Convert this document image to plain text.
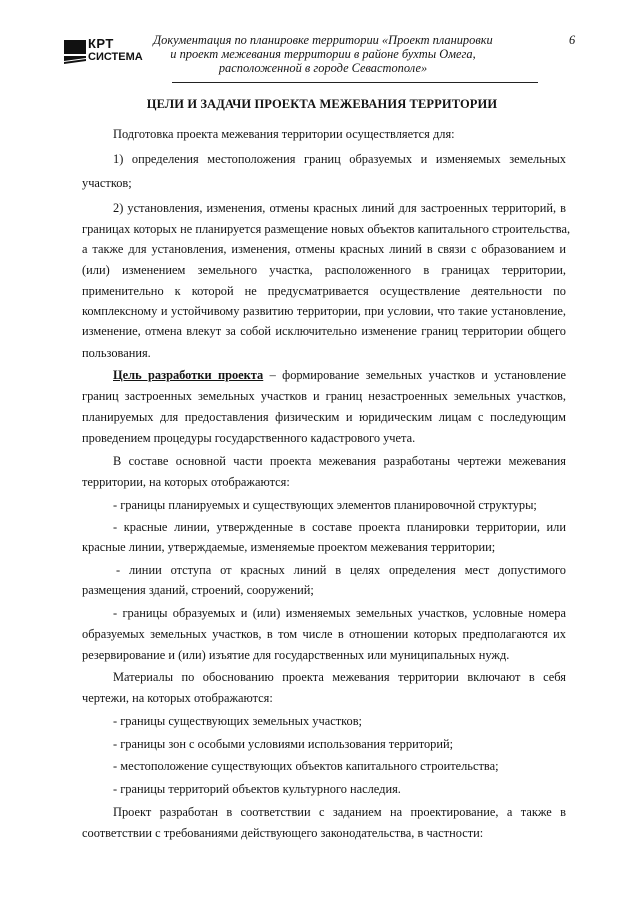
КРТ
СИСТЕМА
Документация по планировке территории «Проект планировки
и проект межевания территории в районе бухты Омега,
расположенной в городе Севастополе»
6
ЦЕЛИ И ЗАДАЧИ ПРОЕКТА МЕЖЕВАНИЯ ТЕРРИТОРИИ
Подготовка проекта межевания территории осуществляется для:
1) определения местоположения границ образуемых и изменяемых земельных
участков;
2) установления, изменения, отмены красных линий для застроенных территорий, в
границах которых не планируется размещение новых объектов капитального строительства,
а также для установления, изменения, отмены красных линий в связи с образованием и
(или) изменением земельного участка, расположенного в границах территории,
применительно к которой не предусматривается осуществление деятельности по
комплексному и устойчивому развитию территории, при условии, что такие установление,
изменение, отмена влекут за собой исключительно изменение границ территории общего
пользования.
Цель разработки проекта – формирование земельных участков и установление
границ застроенных земельных участков и границ незастроенных земельных участков,
планируемых для предоставления физическим и юридическим лицам с последующим
проведением процедуры государственного кадастрового учета.
В составе основной части проекта межевания разработаны чертежи межевания
территории, на которых отображаются:
- границы планируемых и существующих элементов планировочной структуры;
- красные линии, утвержденные в составе проекта планировки территории, или
красные линии, утверждаемые, изменяемые проектом межевания территории;
- линии отступа от красных линий в целях определения мест допустимого
размещения зданий, строений, сооружений;
- границы образуемых и (или) изменяемых земельных участков, условные номера
образуемых земельных участков, в том числе в отношении которых предполагаются их
резервирование и (или) изъятие для государственных или муниципальных нужд.
Материалы по обоснованию проекта межевания территории включают в себя
чертежи, на которых отображаются:
- границы существующих земельных участков;
- границы зон с особыми условиями использования территорий;
- местоположение существующих объектов капитального строительства;
- границы территорий объектов культурного наследия.
Проект разработан в соответствии с заданием на проектирование, а также в
соответствии с требованиями действующего законодательства, в частности:
